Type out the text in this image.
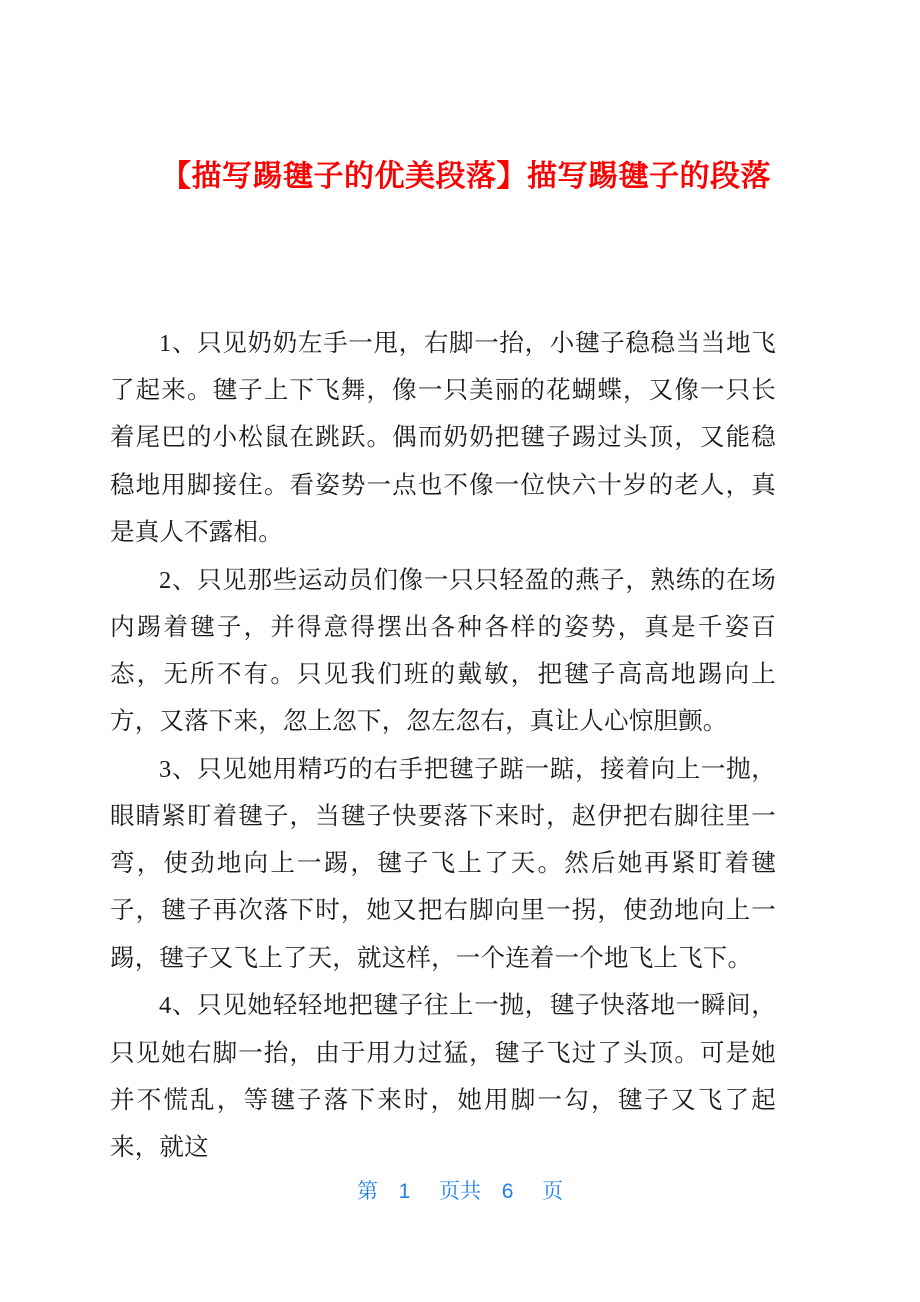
【描写踢毽子的优美段落】描写踢毽子的段落

1、只见奶奶左手一甩，右脚一抬，小毽子稳稳当当地飞了起来。毽子上下飞舞，像一只美丽的花蝴蝶，又像一只长着尾巴的小松鼠在跳跃。偶而奶奶把毽子踢过头顶，又能稳稳地用脚接住。看姿势一点也不像一位快六十岁的老人，真是真人不露相。

2、只见那些运动员们像一只只轻盈的燕子，熟练的在场内踢着毽子，并得意得摆出各种各样的姿势，真是千姿百态，无所不有。只见我们班的戴敏，把毽子高高地踢向上方，又落下来，忽上忽下，忽左忽右，真让人心惊胆颤。

3、只见她用精巧的右手把毽子踮一踮，接着向上一抛，眼睛紧盯着毽子，当毽子快要落下来时，赵伊把右脚往里一弯，使劲地向上一踢，毽子飞上了天。然后她再紧盯着毽子，毽子再次落下时，她又把右脚向里一拐，使劲地向上一踢，毽子又飞上了天，就这样，一个连着一个地飞上飞下。

4、只见她轻轻地把毽子往上一抛，毽子快落地一瞬间，只见她右脚一抬，由于用力过猛，毽子飞过了头顶。可是她并不慌乱，等毽子落下来时，她用脚一勾，毽子又飞了起来，就这

第 1 页共 6 页
